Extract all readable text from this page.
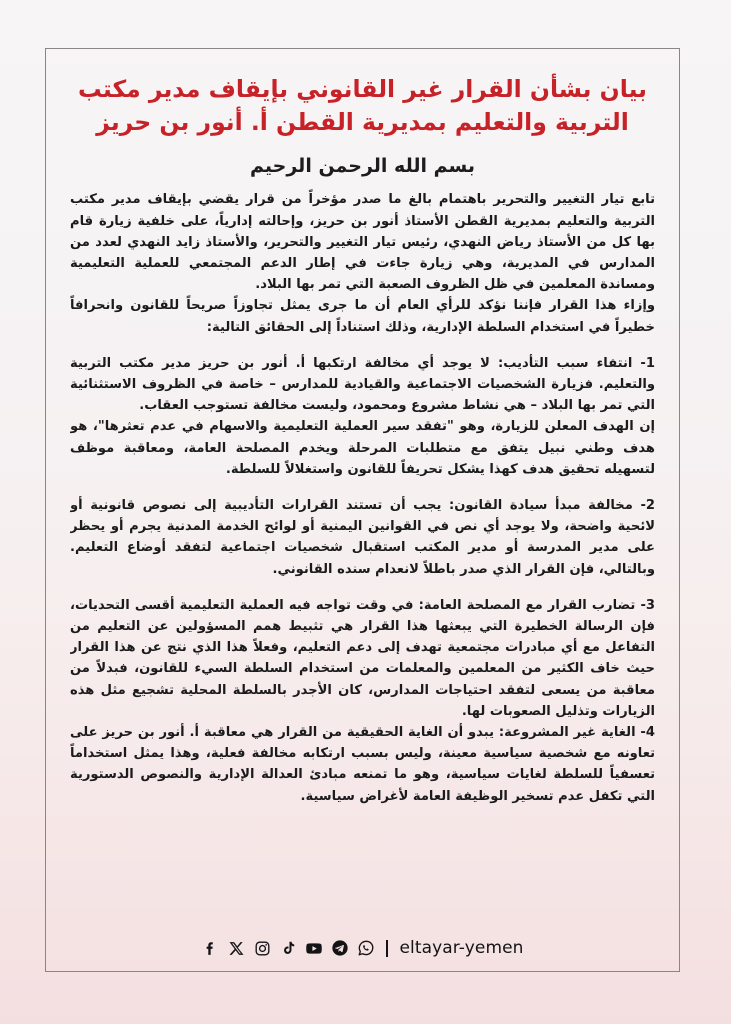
بيان بشأن القرار غير القانوني بإيقاف مدير مكتب
التربية والتعليم بمديرية القطن أ. أنور بن حريز
بسم الله الرحمن الرحيم

تابع تيار التغيير والتحرير باهتمام بالغ ما صدر مؤخراً من قرار يقضي بإيقاف مدير مكتب التربية والتعليم بمديرية القطن الأستاذ أنور بن حريز، وإحالته إدارياً، على خلفية زيارة قام بها كل من الأستاذ رياض النهدي، رئيس تيار التغيير والتحرير، والأستاذ زايد النهدي لعدد من المدارس في المديرية، وهي زيارة جاءت في إطار الدعم المجتمعي للعملية التعليمية ومساندة المعلمين في ظل الظروف الصعبة التي تمر بها البلاد.

وإزاء هذا القرار فإننا نؤكد للرأي العام أن ما جرى يمثل تجاوزاً صريحاً للقانون وانحرافاً خطيراً في استخدام السلطة الإدارية، وذلك استناداً إلى الحقائق التالية:

1- انتفاء سبب التأديب: لا يوجد أي مخالفة ارتكبها أ. أنور بن حريز مدير مكتب التربية والتعليم. فزيارة الشخصيات الاجتماعية والقيادية للمدارس – خاصة في الظروف الاستثنائية التي تمر بها البلاد – هي نشاط مشروع ومحمود، وليست مخالفة تستوجب العقاب.

إن الهدف المعلن للزيارة، وهو "تفقد سير العملية التعليمية والاسهام في عدم تعثرها"، هو هدف وطني نبيل يتفق مع متطلبات المرحلة ويخدم المصلحة العامة، ومعاقبة موظف لتسهيله تحقيق هدف كهذا يشكل تحريفاً للقانون واستغلالاً للسلطة.

2- مخالفة مبدأ سيادة القانون: يجب أن تستند القرارات التأديبية إلى نصوص قانونية أو لائحية واضحة، ولا يوجد أي نص في القوانين اليمنية أو لوائح الخدمة المدنية يجرم أو يحظر على مدير المدرسة أو مدير المكتب استقبال شخصيات اجتماعية لتفقد أوضاع التعليم. وبالتالي، فإن القرار الذي صدر باطلاً لانعدام سنده القانوني.

3- تضارب القرار مع المصلحة العامة: في وقت تواجه فيه العملية التعليمية أقسى التحديات، فإن الرسالة الخطيرة التي يبعثها هذا القرار هي تثبيط همم المسؤولين عن التعليم من التفاعل مع أي مبادرات مجتمعية تهدف إلى دعم التعليم، وفعلاً هذا الذي نتج عن هذا القرار حيث خاف الكثير من المعلمين والمعلمات من استخدام السلطة السيء للقانون، فبدلاً من معاقبة من يسعى لتفقد احتياجات المدارس، كان الأجدر بالسلطة المحلية تشجيع مثل هذه الزيارات وتذليل الصعوبات لها.

4- الغاية غير المشروعة: يبدو أن الغاية الحقيقية من القرار هي معاقبة أ. أنور بن حريز على تعاونه مع شخصية سياسية معينة، وليس بسبب ارتكابه مخالفة فعلية، وهذا يمثل استخداماً تعسفياً للسلطة لغايات سياسية، وهو ما تمنعه مبادئ العدالة الإدارية والنصوص الدستورية التي تكفل عدم تسخير الوظيفة العامة لأغراض سياسية.

eltayar-yemen
